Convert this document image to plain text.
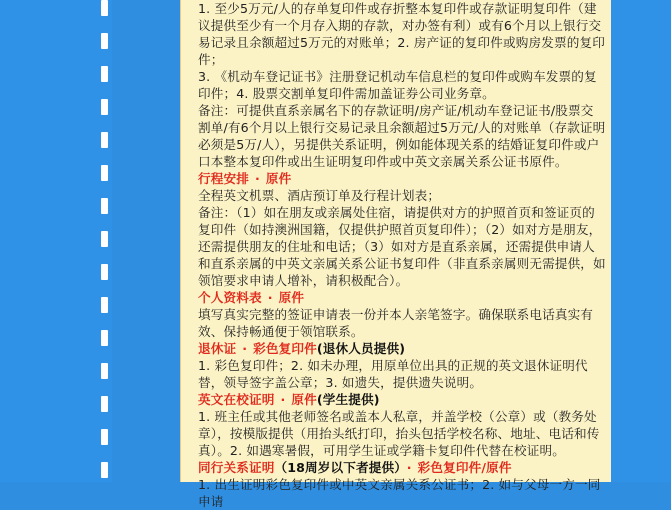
1. 至少5万元/人的存单复印件或存折整本复印件或存款证明复印件（建议提供至少有一个月存入期的存款，对办签有利）或有6个月以上银行交易记录且余额超过5万元的对账单；2. 房产证的复印件或购房发票的复印件；

3. 《机动车登记证书》注册登记机动车信息栏的复印件或购车发票的复印件；4. 股票交割单复印件需加盖证券公司业务章。

备注：可提供直系亲属名下的存款证明/房产证/机动车登记证书/股票交割单/有6个月以上银行交易记录且余额超过5万元/人的对账单（存款证明必须是5万/人），另提供关系证明，例如能体现关系的结婚证复印件或户口本整本复印件或出生证明复印件或中英文亲属关系公证书原件。

行程安排 · 原件

全程英文机票、酒店预订单及行程计划表；

备注：（1）如在朋友或亲属处住宿，请提供对方的护照首页和签证页的复印件（如持澳洲国籍，仅提供护照首页复印件）；（2）如对方是朋友，还需提供朋友的住址和电话；（3）如对方是直系亲属，还需提供申请人和直系亲属的中英文亲属关系公证书复印件（非直系亲属则无需提供，如领馆要求申请人增补，请积极配合）。

个人资料表 · 原件

填写真实完整的签证申请表一份并本人亲笔签字。确保联系电话真实有效、保持畅通便于领馆联系。

退休证 · 彩色复印件(退休人员提供)

1. 彩色复印件；2. 如未办理，用原单位出具的正规的英文退休证明代替，领导签字盖公章；3. 如遗失，提供遗失说明。

英文在校证明 · 原件(学生提供)

1. 班主任或其他老师签名或盖本人私章，并盖学校（公章）或（教务处章），按模版提供（用抬头纸打印，抬头包括学校名称、地址、电话和传真）。2. 如遇寒暑假，可用学生证或学籍卡复印件代替在校证明。

同行关系证明（18周岁以下者提供） · 彩色复印件/原件

1. 出生证明彩色复印件或中英文亲属关系公证书；2. 如与父母一方一同申请
